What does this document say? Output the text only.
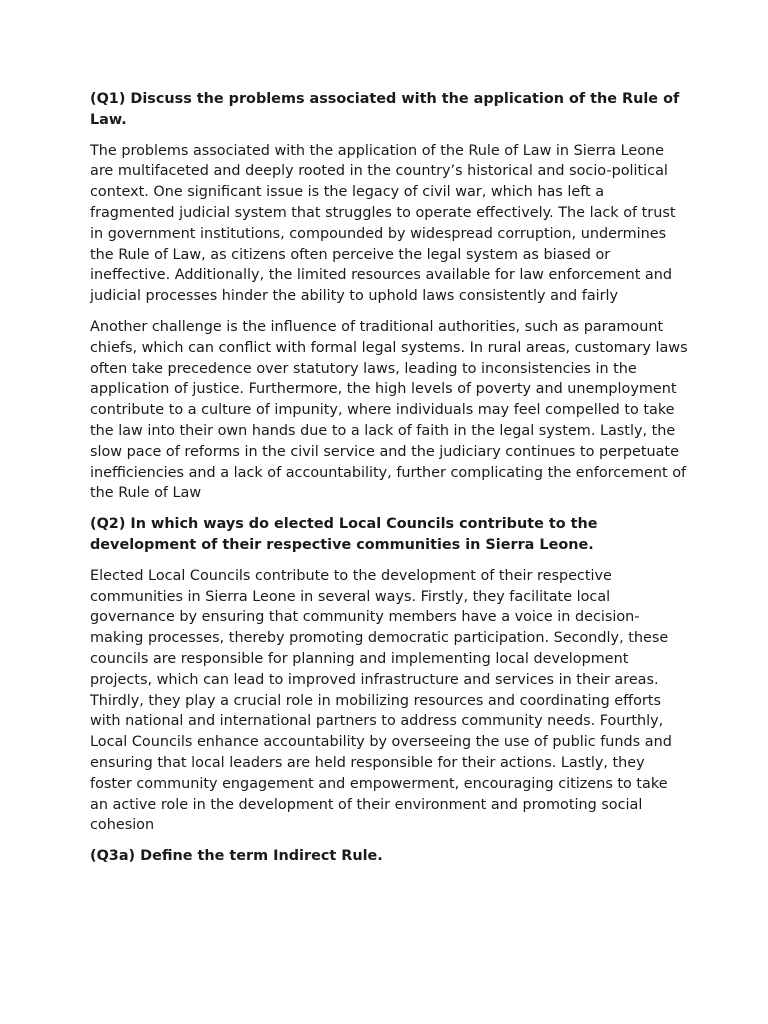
(Q1) Discuss the problems associated with the application of the Rule of Law.
The problems associated with the application of the Rule of Law in Sierra Leone are multifaceted and deeply rooted in the country’s historical and socio-political context. One significant issue is the legacy of civil war, which has left a fragmented judicial system that struggles to operate effectively. The lack of trust in government institutions, compounded by widespread corruption, undermines the Rule of Law, as citizens often perceive the legal system as biased or ineffective. Additionally, the limited resources available for law enforcement and judicial processes hinder the ability to uphold laws consistently and fairly
Another challenge is the influence of traditional authorities, such as paramount chiefs, which can conflict with formal legal systems. In rural areas, customary laws often take precedence over statutory laws, leading to inconsistencies in the application of justice. Furthermore, the high levels of poverty and unemployment contribute to a culture of impunity, where individuals may feel compelled to take the law into their own hands due to a lack of faith in the legal system. Lastly, the slow pace of reforms in the civil service and the judiciary continues to perpetuate inefficiencies and a lack of accountability, further complicating the enforcement of the Rule of Law
(Q2) In which ways do elected Local Councils contribute to the development of their respective communities in Sierra Leone.
Elected Local Councils contribute to the development of their respective communities in Sierra Leone in several ways. Firstly, they facilitate local governance by ensuring that community members have a voice in decision-making processes, thereby promoting democratic participation. Secondly, these councils are responsible for planning and implementing local development projects, which can lead to improved infrastructure and services in their areas. Thirdly, they play a crucial role in mobilizing resources and coordinating efforts with national and international partners to address community needs. Fourthly, Local Councils enhance accountability by overseeing the use of public funds and ensuring that local leaders are held responsible for their actions. Lastly, they foster community engagement and empowerment, encouraging citizens to take an active role in the development of their environment and promoting social cohesion
(Q3a) Define the term Indirect Rule.
